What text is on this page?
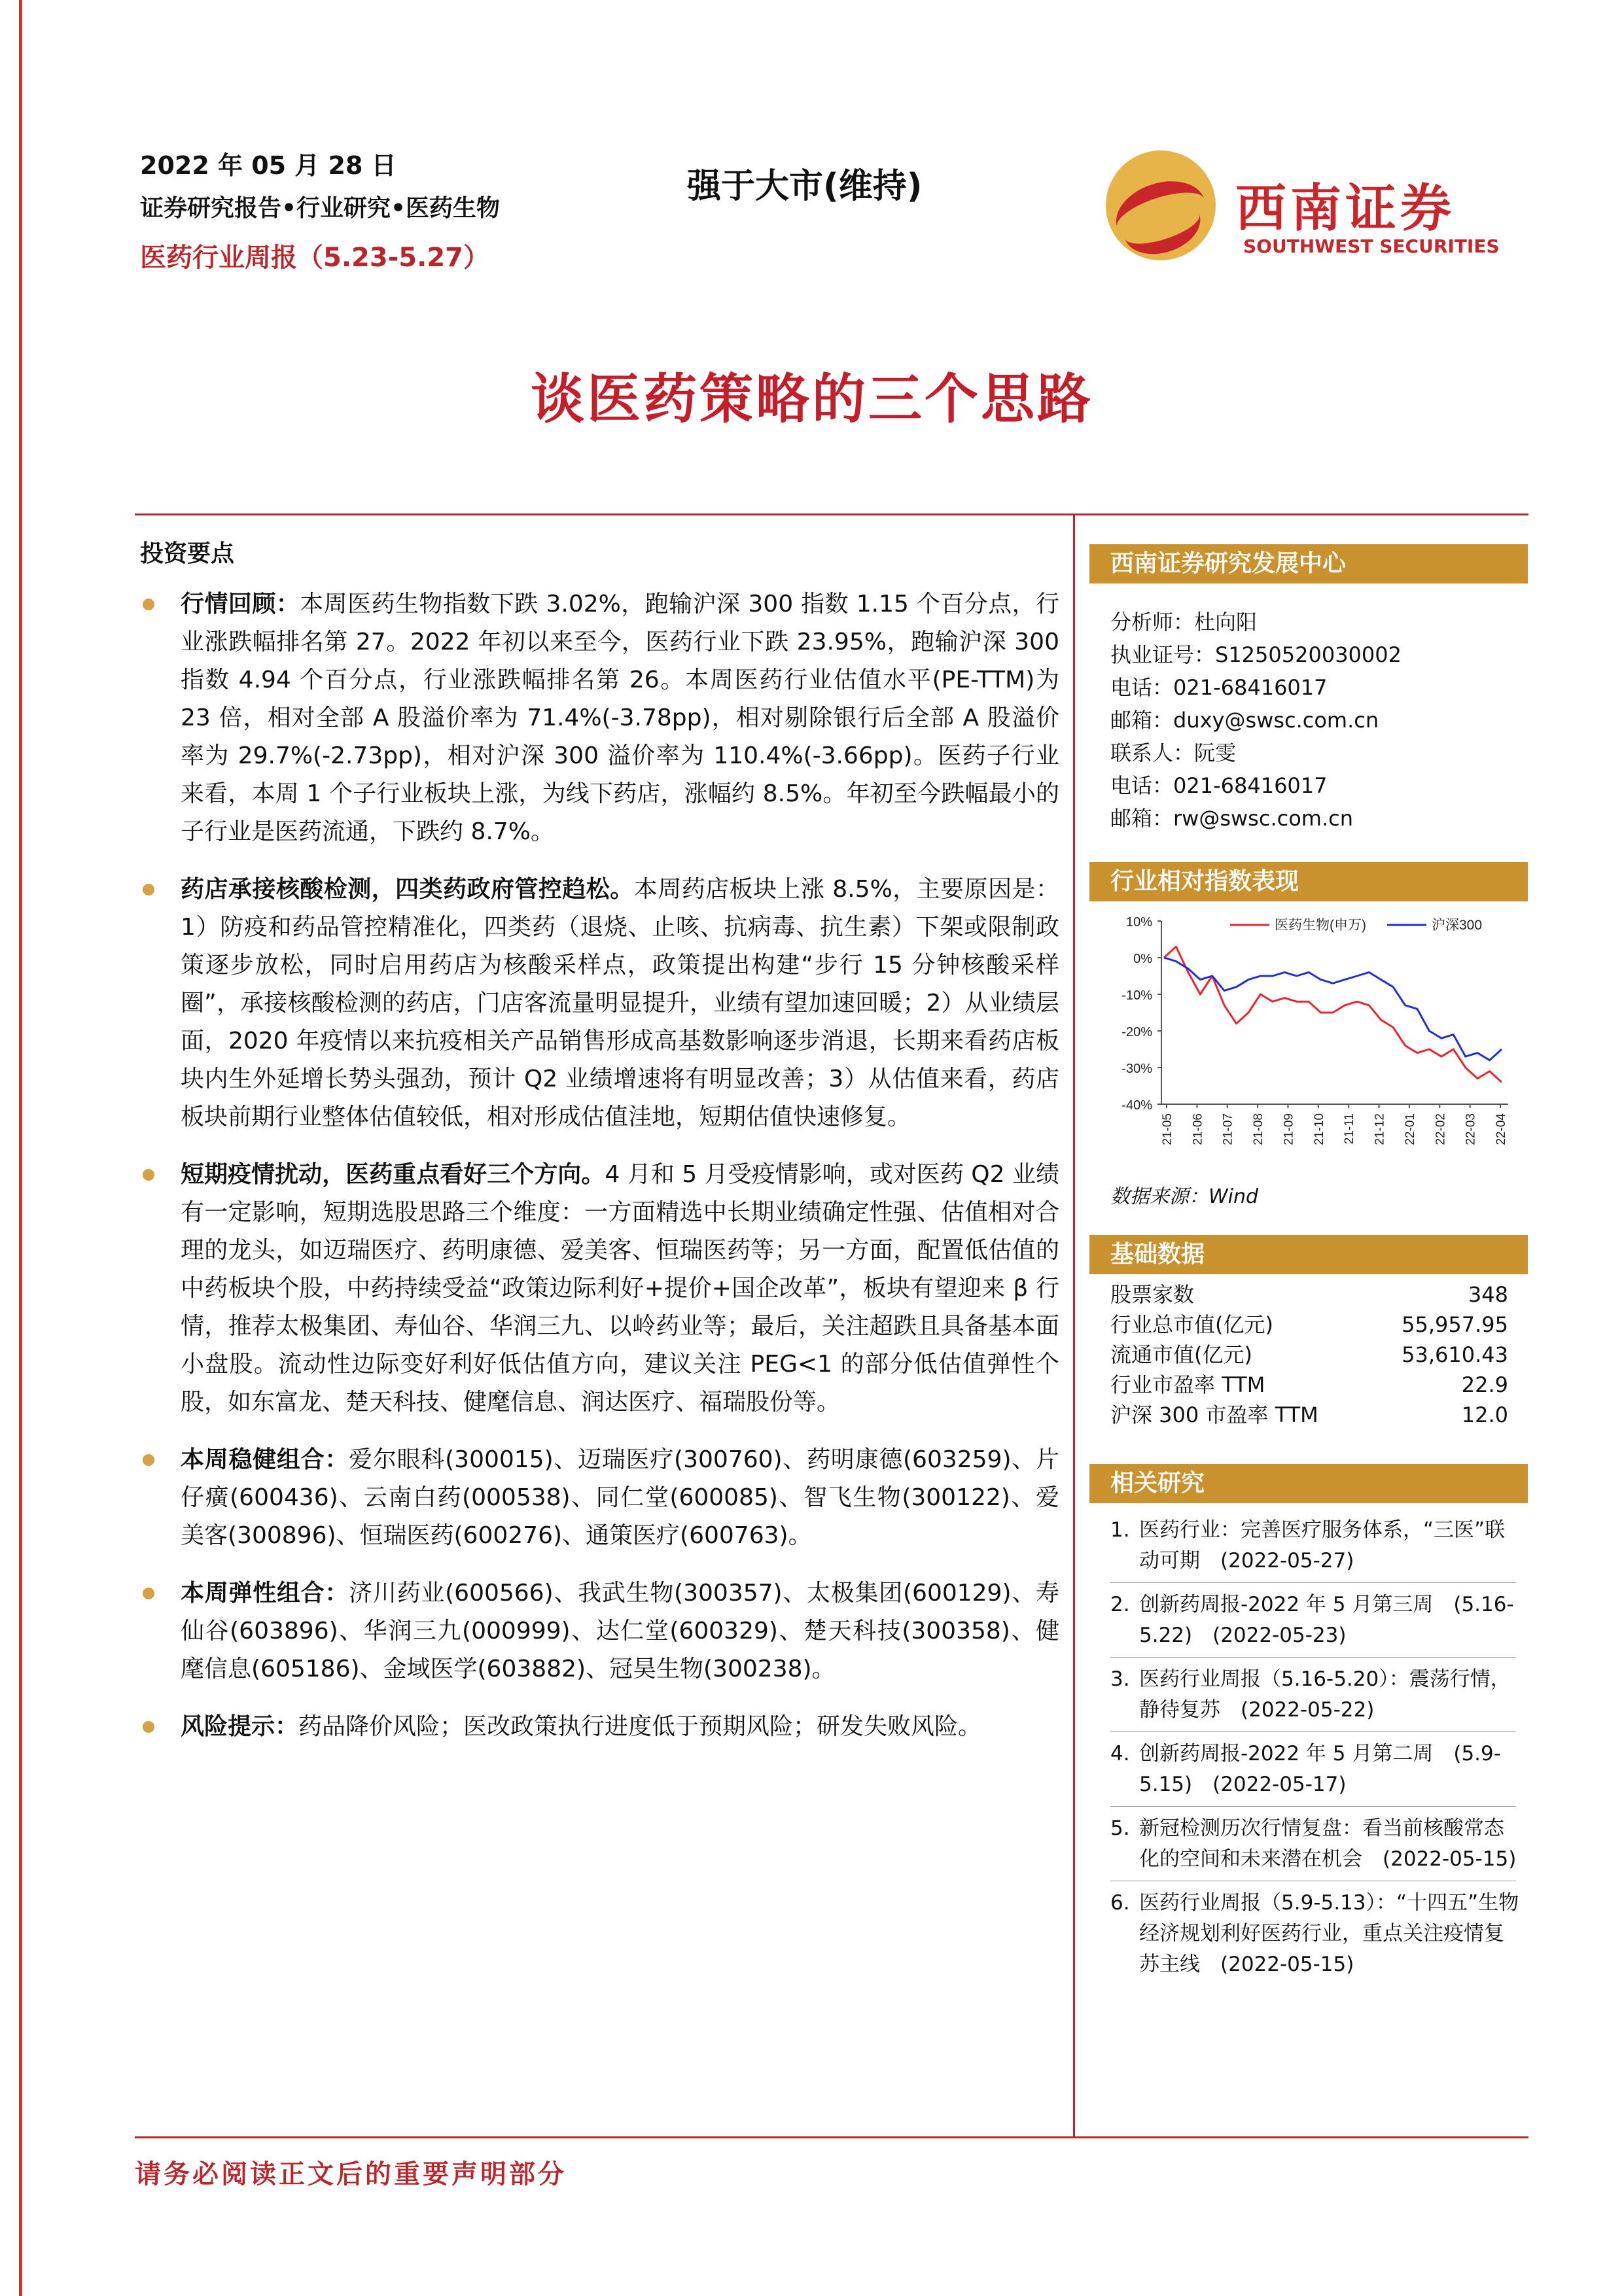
2022 年 05 月 28 日
证券研究报告•行业研究•医药生物
医药行业周报（5.23-5.27）
强于大市(维持)	西南证券
SOUTHWEST SECURITIES
谈医药策略的三个思路
投资要点
行情回顾：本周医药生物指数下跌 3.02%，跑输沪深 300 指数 1.15 个百分点，行业涨跌幅排名第 27。2022 年初以来至今，医药行业下跌 23.95%，跑输沪深 300 指数 4.94 个百分点，行业涨跌幅排名第 26。本周医药行业估值水平(PE-TTM)为 23 倍，相对全部 A 股溢价率为 71.4%(-3.78pp)，相对剔除银行后全部 A 股溢价率为 29.7%(-2.73pp)，相对沪深 300 溢价率为 110.4%(-3.66pp)。医药子行业来看，本周 1 个子行业板块上涨，为线下药店，涨幅约 8.5%。年初至今跌幅最小的子行业是医药流通，下跌约 8.7%。
药店承接核酸检测，四类药政府管控趋松。本周药店板块上涨 8.5%，主要原因是：1）防疫和药品管控精准化，四类药（退烧、止咳、抗病毒、抗生素）下架或限制政策逐步放松，同时启用药店为核酸采样点，政策提出构建“步行 15 分钟核酸采样圈”，承接核酸检测的药店，门店客流量明显提升，业绩有望加速回暖；2）从业绩层面，2020 年疫情以来抗疫相关产品销售形成高基数影响逐步消退，长期来看药店板块内生外延增长势头强劲，预计 Q2 业绩增速将有明显改善；3）从估值来看，药店板块前期行业整体估值较低，相对形成估值洼地，短期估值快速修复。
短期疫情扰动，医药重点看好三个方向。4 月和 5 月受疫情影响，或对医药 Q2 业绩有一定影响，短期选股思路三个维度：一方面精选中长期业绩确定性强、估值相对合理的龙头，如迈瑞医疗、药明康德、爱美客、恒瑞医药等；另一方面，配置低估值的中药板块个股，中药持续受益“政策边际利好+提价+国企改革”，板块有望迎来 β 行情，推荐太极集团、寿仙谷、华润三九、以岭药业等；最后，关注超跌且具备基本面小盘股。流动性边际变好利好低估值方向，建议关注 PEG<1 的部分低估值弹性个股，如东富龙、楚天科技、健麾信息、润达医疗、福瑞股份等。
本周稳健组合：爱尔眼科(300015)、迈瑞医疗(300760)、药明康德(603259)、片仔癀(600436)、云南白药(000538)、同仁堂(600085)、智飞生物(300122)、爱美客(300896)、恒瑞医药(600276)、通策医疗(600763)。
本周弹性组合：济川药业(600566)、我武生物(300357)、太极集团(600129)、寿仙谷(603896)、华润三九(000999)、达仁堂(600329)、楚天科技(300358)、健麾信息(605186)、金域医学(603882)、冠昊生物(300238)。
风险提示：药品降价风险；医改政策执行进度低于预期风险；研发失败风险。
西南证券研究发展中心
分析师：杜向阳
执业证号：S1250520030002
电话：021-68416017
邮箱：duxy@swsc.com.cn
联系人：阮雯
电话：021-68416017
邮箱：rw@swsc.com.cn
行业相对指数表现
10%
0%
-10%
-20%
-30%
-40%
21-05 21-06 21-07 21-08 21-09 21-10 21-11 21-12 22-01 22-02 22-03 22-04
医药生物(申万)	沪深300
数据来源：Wind
基础数据
股票家数	348
行业总市值(亿元)	55,957.95
流通市值(亿元)	53,610.43
行业市盈率 TTM	22.9
沪深 300 市盈率 TTM	12.0
相关研究
1. 医药行业：完善医疗服务体系，“三医”联动可期　(2022-05-27)
2. 创新药周报-2022 年 5 月第三周　(5.16-5.22)　(2022-05-23)
3. 医药行业周报（5.16-5.20）：震荡行情，静待复苏　(2022-05-22)
4. 创新药周报-2022 年 5 月第二周　(5.9-5.15)　(2022-05-17)
5. 新冠检测历次行情复盘：看当前核酸常态化的空间和未来潜在机会　(2022-05-15)
6. 医药行业周报（5.9-5.13）：“十四五”生物经济规划利好医药行业，重点关注疫情复苏主线　(2022-05-15)
请务必阅读正文后的重要声明部分
